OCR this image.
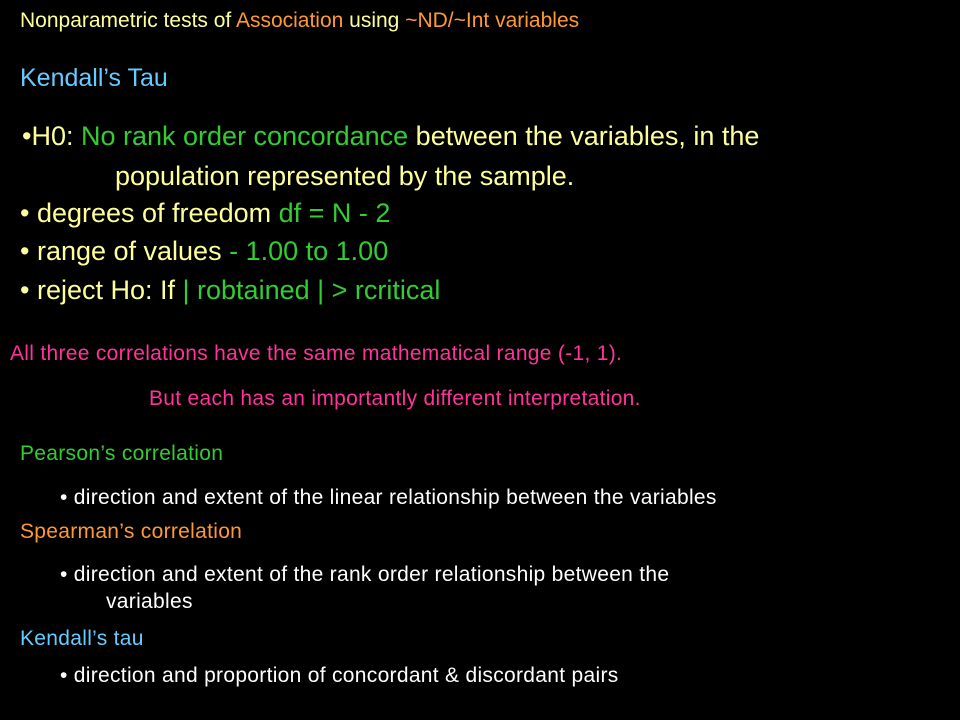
Nonparametric tests of Association using ~ND/~Int variables
Kendall’s Tau
•H0: No rank order concordance between the variables, in the
population represented by the sample.
• degrees of freedom df = N - 2
• range of values - 1.00 to 1.00
• reject Ho: If | robtained | > rcritical
All three correlations have the same mathematical range (-1, 1).
But each has an importantly different interpretation.
Pearson’s correlation
• direction and extent of the linear relationship between the variables
Spearman’s correlation
• direction and extent of the rank order relationship between the
variables
Kendall’s tau
• direction and proportion of concordant & discordant pairs
